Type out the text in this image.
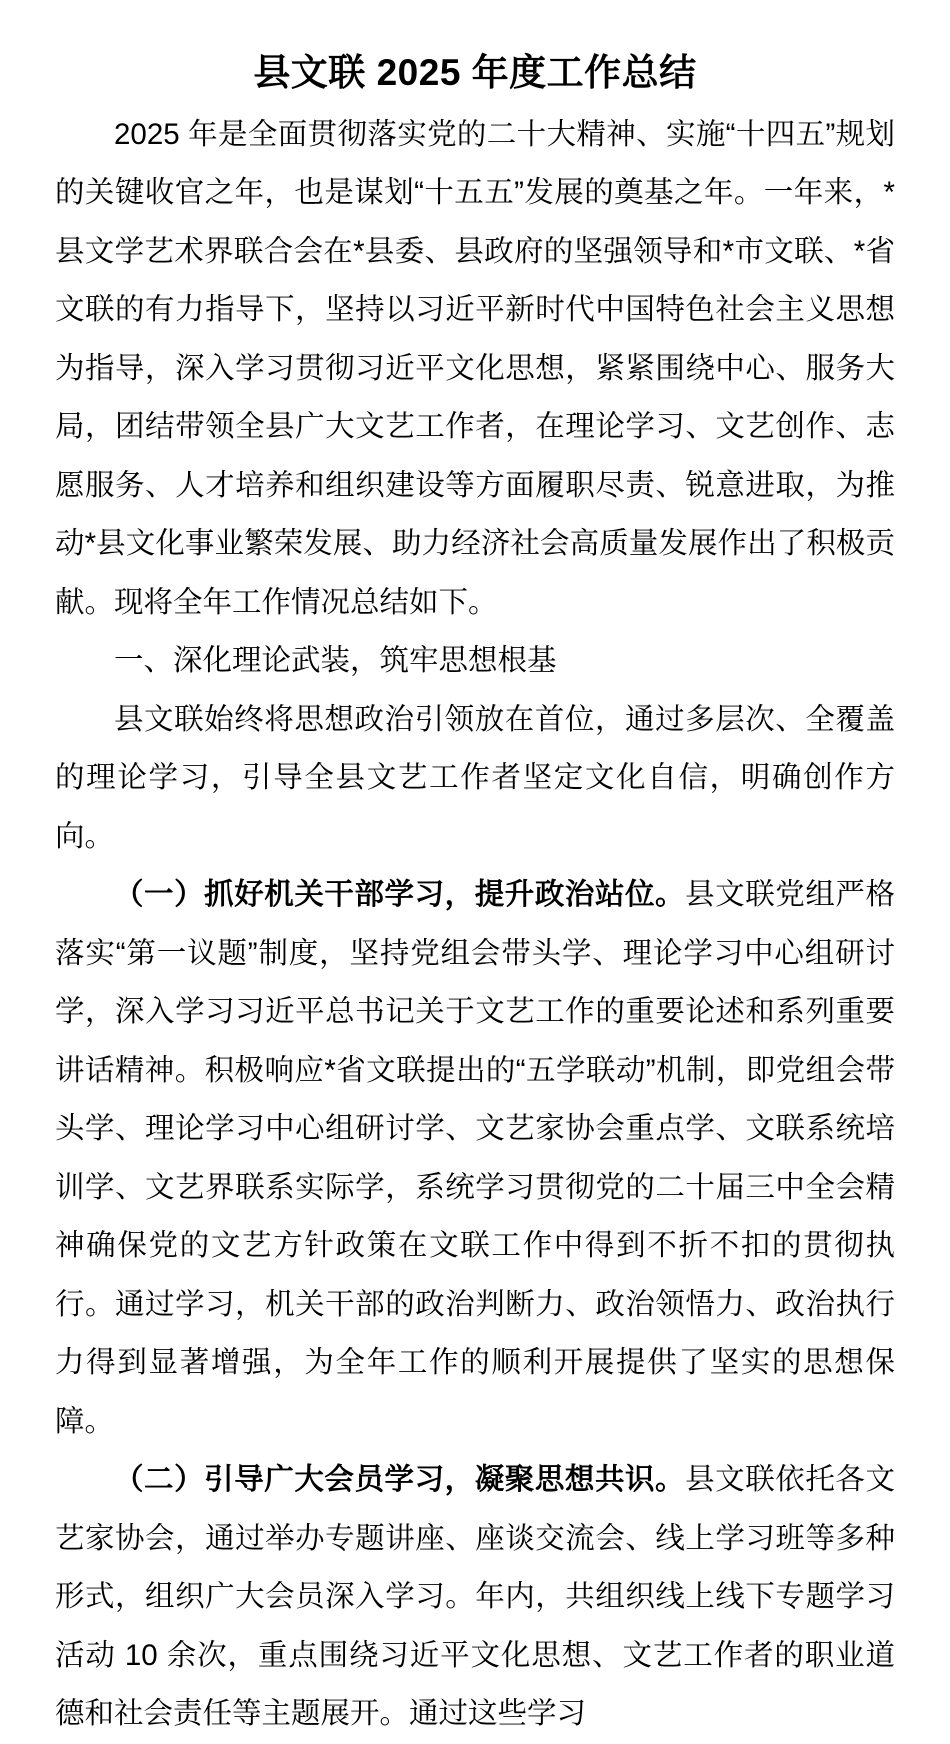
县文联 2025 年度工作总结

2025 年是全面贯彻落实党的二十大精神、实施“十四五”规划的关键收官之年，也是谋划“十五五”发展的奠基之年。一年来，*县文学艺术界联合会在*县委、县政府的坚强领导和*市文联、*省文联的有力指导下，坚持以习近平新时代中国特色社会主义思想为指导，深入学习贯彻习近平文化思想，紧紧围绕中心、服务大局，团结带领全县广大文艺工作者，在理论学习、文艺创作、志愿服务、人才培养和组织建设等方面履职尽责、锐意进取，为推动*县文化事业繁荣发展、助力经济社会高质量发展作出了积极贡献。现将全年工作情况总结如下。

一、深化理论武装，筑牢思想根基

县文联始终将思想政治引领放在首位，通过多层次、全覆盖的理论学习，引导全县文艺工作者坚定文化自信，明确创作方向。

（一）抓好机关干部学习，提升政治站位。县文联党组严格落实“第一议题”制度，坚持党组会带头学、理论学习中心组研讨学，深入学习习近平总书记关于文艺工作的重要论述和系列重要讲话精神。积极响应*省文联提出的“五学联动”机制，即党组会带头学、理论学习中心组研讨学、文艺家协会重点学、文联系统培训学、文艺界联系实际学，系统学习贯彻党的二十届三中全会精神确保党的文艺方针政策在文联工作中得到不折不扣的贯彻执行。通过学习，机关干部的政治判断力、政治领悟力、政治执行力得到显著增强，为全年工作的顺利开展提供了坚实的思想保障。

（二）引导广大会员学习，凝聚思想共识。县文联依托各文艺家协会，通过举办专题讲座、座谈交流会、线上学习班等多种形式，组织广大会员深入学习。年内，共组织线上线下专题学习活动 10 余次，重点围绕习近平文化思想、文艺工作者的职业道德和社会责任等主题展开。通过这些学习
